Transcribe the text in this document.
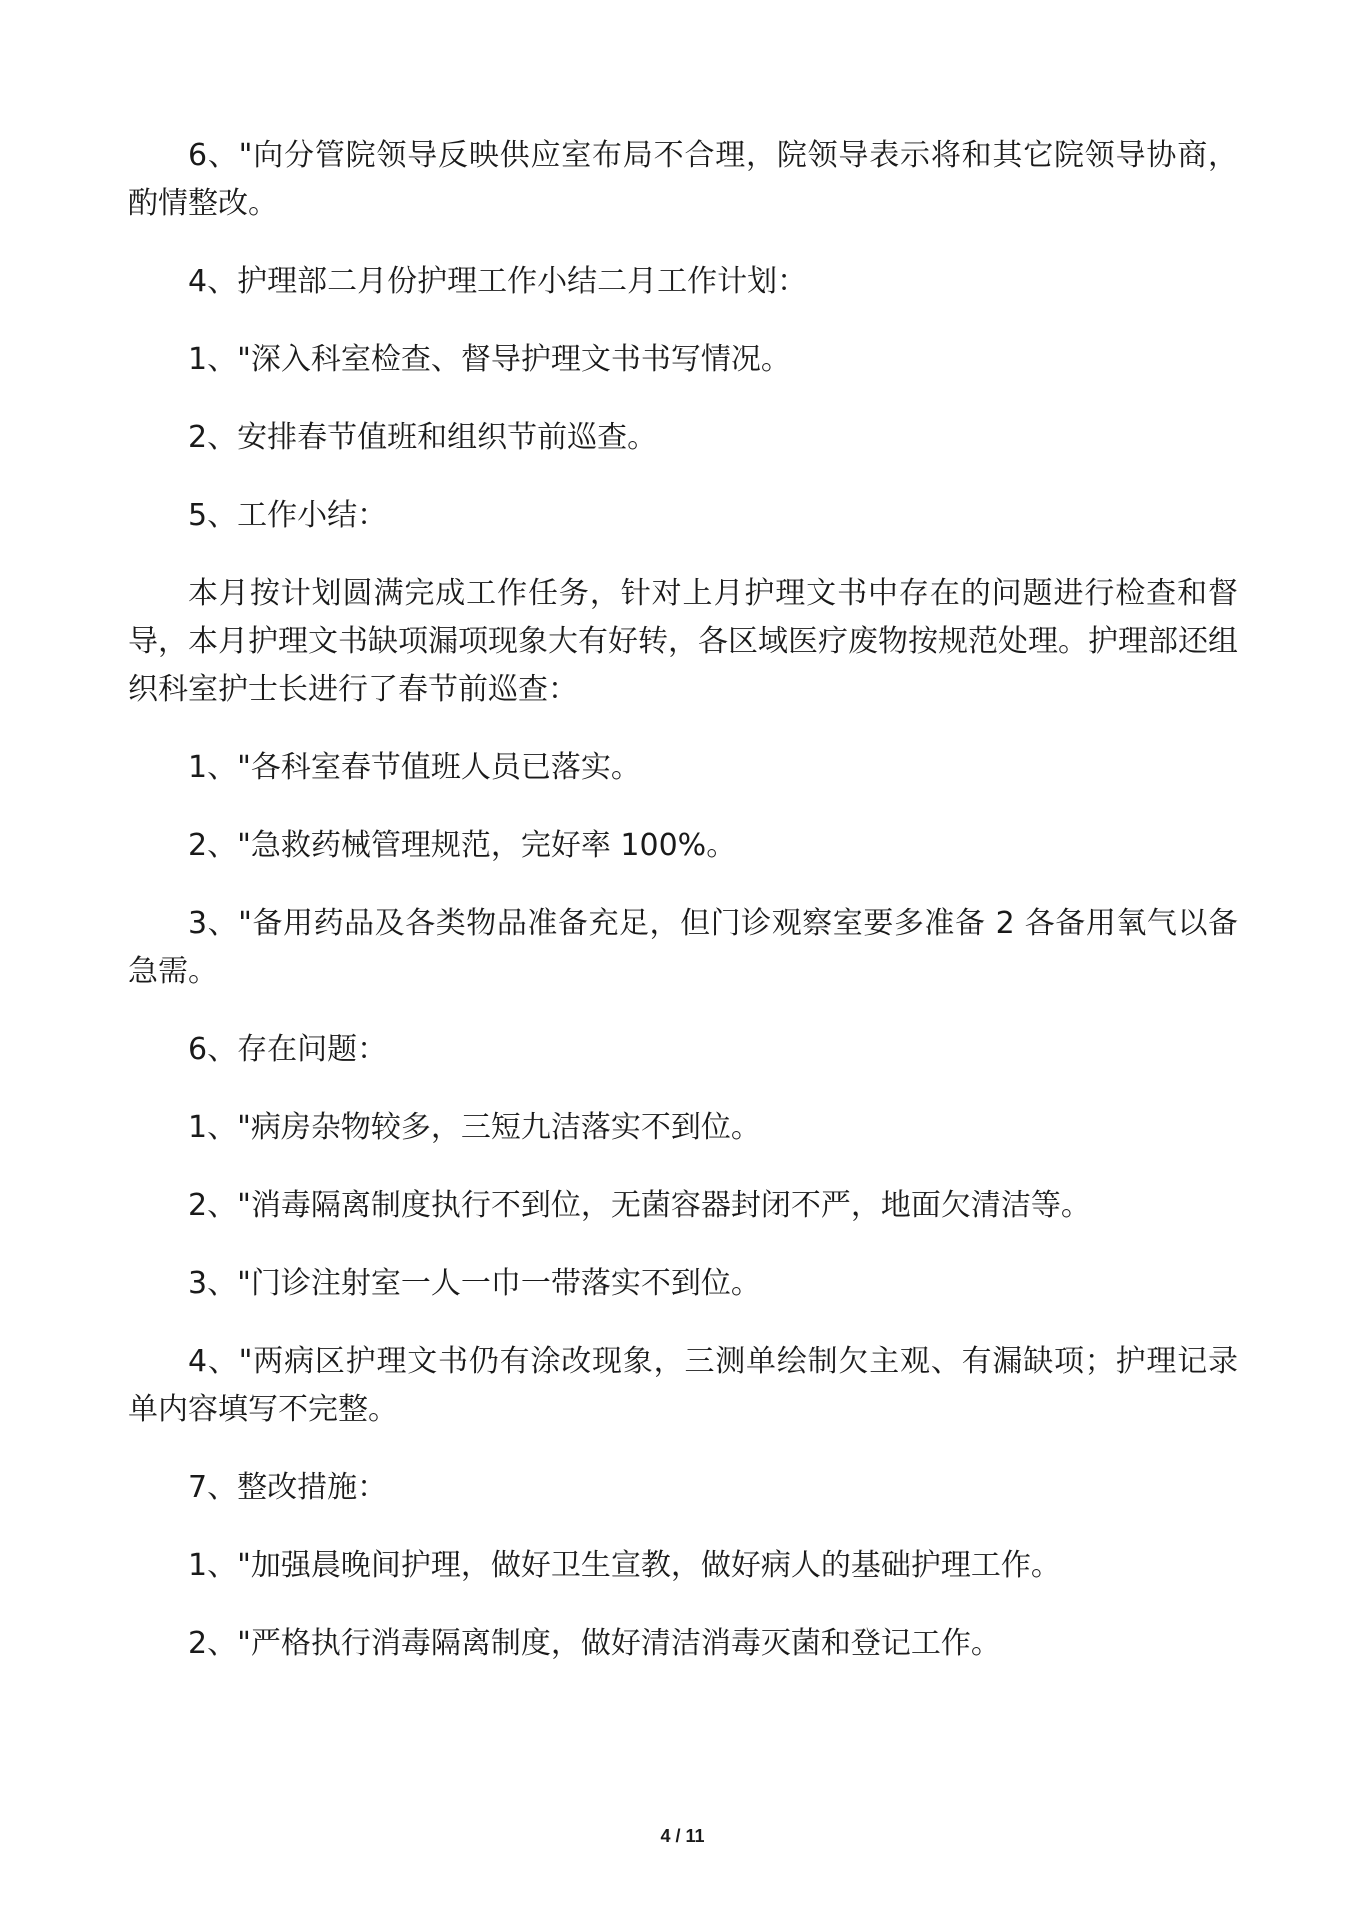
6、"向分管院领导反映供应室布局不合理，院领导表示将和其它院领导协商，酌情整改。

4、护理部二月份护理工作小结二月工作计划：

1、"深入科室检查、督导护理文书书写情况。

2、安排春节值班和组织节前巡查。

5、工作小结：

本月按计划圆满完成工作任务，针对上月护理文书中存在的问题进行检查和督导，本月护理文书缺项漏项现象大有好转，各区域医疗废物按规范处理。护理部还组织科室护士长进行了春节前巡查：

1、"各科室春节值班人员已落实。

2、"急救药械管理规范，完好率 100%。

3、"备用药品及各类物品准备充足，但门诊观察室要多准备 2 各备用氧气以备急需。

6、存在问题：

1、"病房杂物较多，三短九洁落实不到位。

2、"消毒隔离制度执行不到位，无菌容器封闭不严，地面欠清洁等。

3、"门诊注射室一人一巾一带落实不到位。

4、"两病区护理文书仍有涂改现象，三测单绘制欠主观、有漏缺项；护理记录单内容填写不完整。

7、整改措施：

1、"加强晨晚间护理，做好卫生宣教，做好病人的基础护理工作。

2、"严格执行消毒隔离制度，做好清洁消毒灭菌和登记工作。

4 / 11
